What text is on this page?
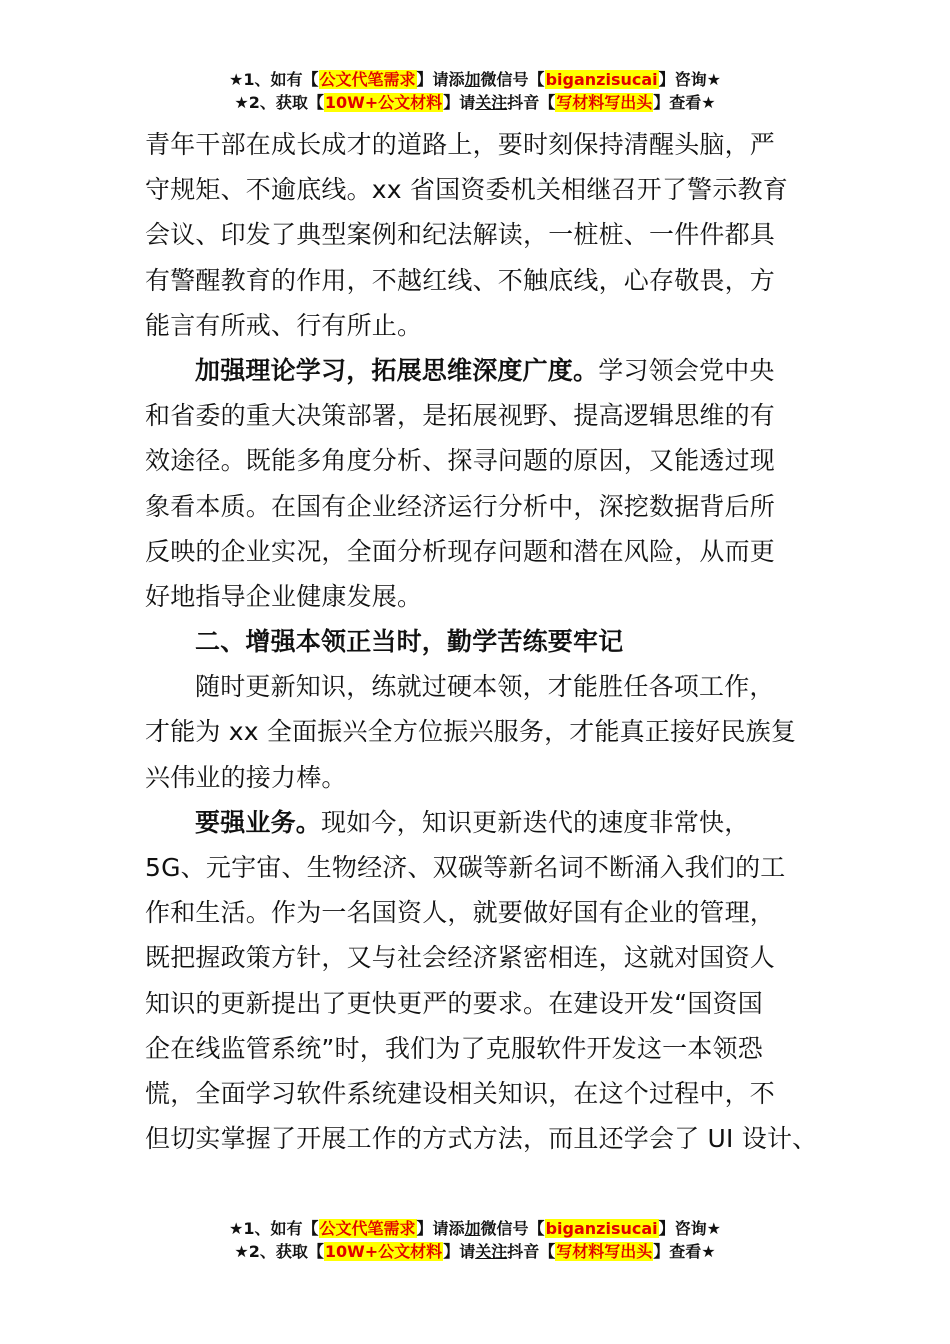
★1、如有【公文代笔需求】请添加微信号【biganzisucai】咨询★
★2、获取【10W+公文材料】请关注抖音【写材料写出头】查看★
青年干部在成长成才的道路上，要时刻保持清醒头脑，严
守规矩、不逾底线。xx 省国资委机关相继召开了警示教育
会议、印发了典型案例和纪法解读，一桩桩、一件件都具
有警醒教育的作用，不越红线、不触底线，心存敬畏，方
能言有所戒、行有所止。
加强理论学习，拓展思维深度广度。学习领会党中央
和省委的重大决策部署，是拓展视野、提高逻辑思维的有
效途径。既能多角度分析、探寻问题的原因，又能透过现
象看本质。在国有企业经济运行分析中，深挖数据背后所
反映的企业实况，全面分析现存问题和潜在风险，从而更
好地指导企业健康发展。
二、增强本领正当时，勤学苦练要牢记
随时更新知识，练就过硬本领，才能胜任各项工作，
才能为 xx 全面振兴全方位振兴服务，才能真正接好民族复
兴伟业的接力棒。
要强业务。现如今，知识更新迭代的速度非常快，
5G、元宇宙、生物经济、双碳等新名词不断涌入我们的工
作和生活。作为一名国资人，就要做好国有企业的管理，
既把握政策方针，又与社会经济紧密相连，这就对国资人
知识的更新提出了更快更严的要求。在建设开发“国资国
企在线监管系统”时，我们为了克服软件开发这一本领恐
慌，全面学习软件系统建设相关知识，在这个过程中，不
但切实掌握了开展工作的方式方法，而且还学会了 UI 设计、
★1、如有【公文代笔需求】请添加微信号【biganzisucai】咨询★
★2、获取【10W+公文材料】请关注抖音【写材料写出头】查看★
